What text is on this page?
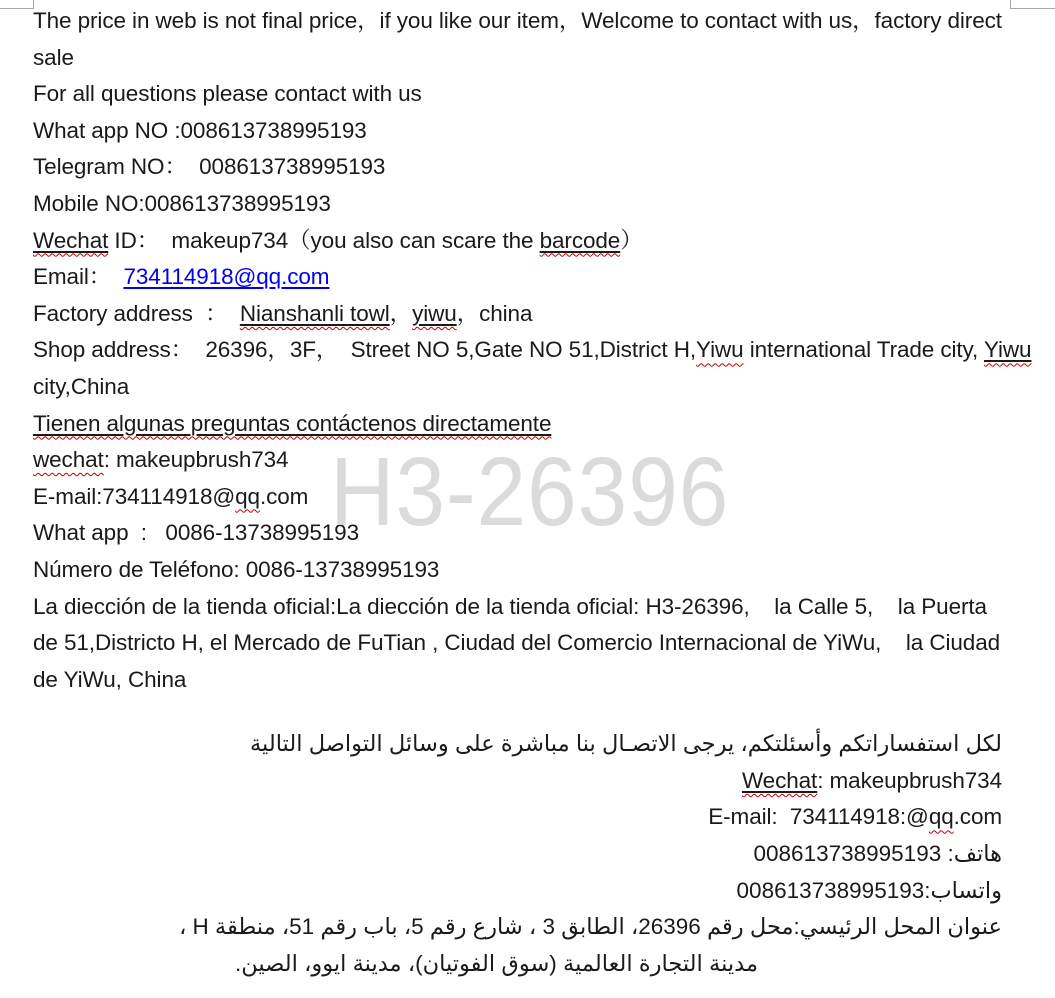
H3-26396
The price in web is not final price，if you like our item，Welcome to contact with us，factory direct
sale
For all questions please contact with us
What app NO :008613738995193
Telegram NO：  008613738995193
Mobile NO:008613738995193
Wechat ID：  makeup734（you also can scare the barcode）
Email：  734114918@qq.com
Factory address  ：  Nianshanli towl，yiwu，china
Shop address：  26396，3F，  Street NO 5,Gate NO 51,District H,Yiwu international Trade city, Yiwu
city,China
Tienen algunas preguntas contáctenos directamente
wechat: makeupbrush734
E-mail:734114918@qq.com
What app  :   0086-13738995193
Número de Teléfono: 0086-13738995193
La diección de la tienda oficial:La diección de la tienda oficial: H3-26396,    la Calle 5,    la Puerta
de 51,Districto H, el Mercado de FuTian , Ciudad del Comercio Internacional de YiWu,    la Ciudad
de YiWu, China
لكل استفساراتكم وأسئلتكم، يرجى الاتصـال بنا مباشرة على وسائل التواصل التالية
Wechat: makeupbrush734
E-mail:  734114918:@qq.com
هاتف: 008613738995193
واتساب:008613738995193
عنوان المحل الرئيسي:محل رقم 26396، الطابق 3 ، شارع رقم 5، باب رقم 51، منطقة H ،
مدينة التجارة العالمية (سوق الفوتيان)، مدينة ايوو، الصين.
